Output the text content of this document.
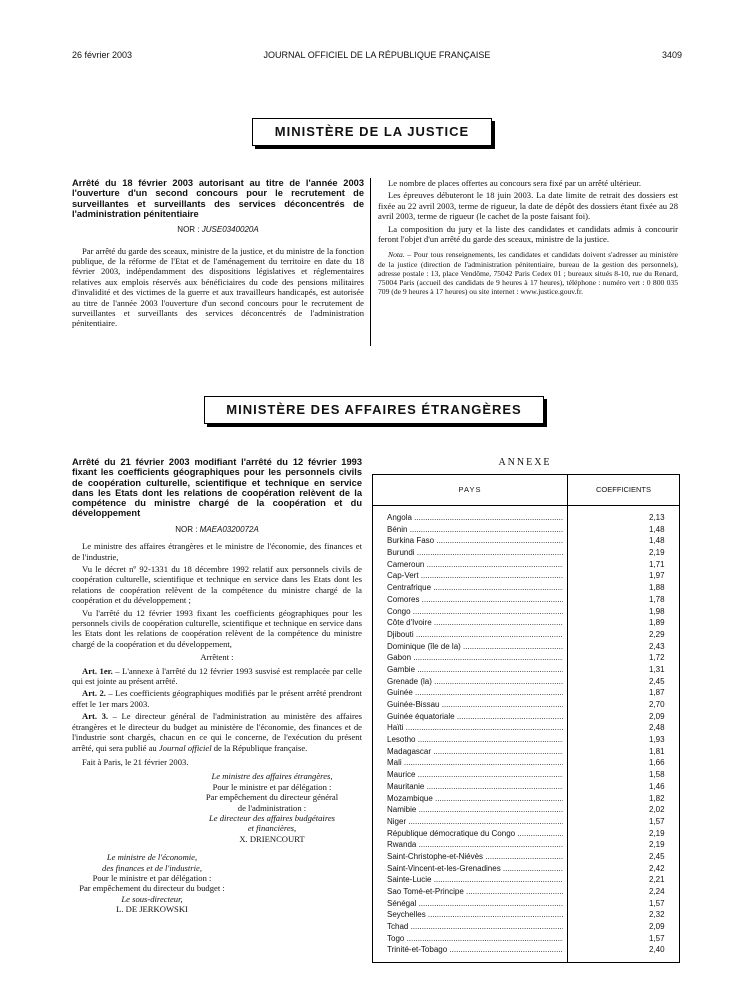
26 février 2003	JOURNAL OFFICIEL DE LA RÉPUBLIQUE FRANÇAISE	3409
MINISTÈRE DE LA JUSTICE

Arrêté du 18 février 2003 autorisant au titre de l'année 2003 l'ouverture d'un second concours pour le recrutement de surveillantes et surveillants des services déconcentrés de l'administration pénitentiaire

NOR : JUSE0340020A

Par arrêté du garde des sceaux, ministre de la justice, et du ministre de la fonction publique, de la réforme de l'Etat et de l'aménagement du territoire en date du 18 février 2003, indépendamment des dispositions législatives et réglementaires relatives aux emplois réservés aux bénéficiaires du code des pensions militaires d'invalidité et des victimes de la guerre et aux travailleurs handicapés, est autorisée au titre de l'année 2003 l'ouverture d'un second concours pour le recrutement de surveillantes et surveillants des services déconcentrés de l'administration pénitentiaire.

Le nombre de places offertes au concours sera fixé par un arrêté ultérieur.

Les épreuves débuteront le 18 juin 2003. La date limite de retrait des dossiers est fixée au 22 avril 2003, terme de rigueur, la date de dépôt des dossiers étant fixée au 28 avril 2003, terme de rigueur (le cachet de la poste faisant foi).

La composition du jury et la liste des candidates et candidats admis à concourir feront l'objet d'un arrêté du garde des sceaux, ministre de la justice.

Nota. – Pour tous renseignements, les candidates et candidats doivent s'adresser au ministère de la justice (direction de l'administration pénitentiaire, bureau de la gestion des personnels), adresse postale : 13, place Vendôme, 75042 Paris Cedex 01 ; bureaux situés 8-10, rue du Renard, 75004 Paris (accueil des candidats de 9 heures à 17 heures), téléphone : numéro vert : 0 800 035 709 (de 9 heures à 17 heures) ou site internet : www.justice.gouv.fr.

MINISTÈRE DES AFFAIRES ÉTRANGÈRES

Arrêté du 21 février 2003 modifiant l'arrêté du 12 février 1993 fixant les coefficients géographiques pour les personnels civils de coopération culturelle, scientifique et technique en service dans les Etats dont les relations de coopération relèvent de la compétence du ministre chargé de la coopération et du développement

NOR : MAEA0320072A

Le ministre des affaires étrangères et le ministre de l'économie, des finances et de l'industrie,

Vu le décret nº 92-1331 du 18 décembre 1992 relatif aux personnels civils de coopération culturelle, scientifique et technique en service dans les Etats dont les relations de coopération relèvent de la compétence du ministre chargé de la coopération et du développement ;

Vu l'arrêté du 12 février 1993 fixant les coefficients géographiques pour les personnels civils de coopération culturelle, scientifique et technique en service dans les Etats dont les relations de coopération relèvent de la compétence du ministre chargé de la coopération et du développement,

Arrêtent :

Art. 1er. – L'annexe à l'arrêté du 12 février 1993 susvisé est remplacée par celle qui est jointe au présent arrêté.

Art. 2. – Les coefficients géographiques modifiés par le présent arrêté prendront effet le 1er mars 2003.

Art. 3. – Le directeur général de l'administration au ministère des affaires étrangères et le directeur du budget au ministère de l'économie, des finances et de l'industrie sont chargés, chacun en ce qui le concerne, de l'exécution du présent arrêté, qui sera publié au Journal officiel de la République française.

Fait à Paris, le 21 février 2003.

Le ministre des affaires étrangères,

Pour le ministre et par délégation :

Par empêchement du directeur général

de l'administration :

Le directeur des affaires budgétaires

et financières,

X. DRIENCOURT

Le ministre de l'économie,

des finances et de l'industrie,

Pour le ministre et par délégation :

Par empêchement du directeur du budget :

Le sous-directeur,

L. DE JERKOWSKI

ANNEXE
PAYS	COEFFICIENTS
Angola .....	2,13
Bénin .....	1,48
Burkina Faso .....	1,48
Burundi .....	2,19
Cameroun .....	1,71
Cap-Vert .....	1,97
Centrafrique .....	1,88
Comores .....	1,78
Congo .....	1,98
Côte d'Ivoire .....	1,89
Djibouti .....	2,29
Dominique (île de la) .....	2,43
Gabon .....	1,72
Gambie .....	1,31
Grenade (la) .....	2,45
Guinée .....	1,87
Guinée-Bissau .....	2,70
Guinée équatoriale .....	2,09
Haïti .....	2,48
Lesotho .....	1,93
Madagascar .....	1,81
Mali .....	1,66
Maurice .....	1,58
Mauritanie .....	1,46
Mozambique .....	1,82
Namibie .....	2,02
Niger .....	1,57
République démocratique du Congo .....	2,19
Rwanda .....	2,19
Saint-Christophe-et-Niévès .....	2,45
Saint-Vincent-et-les-Grenadines .....	2,42
Sainte-Lucie .....	2,21
Sao Tomé-et-Principe .....	2,24
Sénégal .....	1,57
Seychelles .....	2,32
Tchad .....	2,09
Togo .....	1,57
Trinité-et-Tobago .....	2,40
